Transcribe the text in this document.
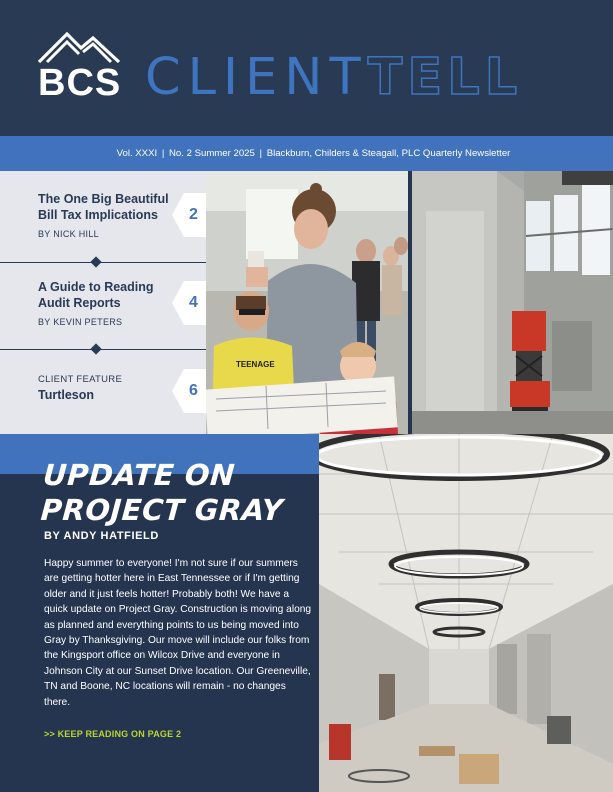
BCS CLIENTTELL
Vol. XXXI | No. 2 Summer 2025 | Blackburn, Childers & Steagall, PLC Quarterly Newsletter
The One Big Beautiful Bill Tax Implications
BY NICK HILL
2
A Guide to Reading Audit Reports
BY KEVIN PETERS
4
CLIENT FEATURE
Turtleson	6
TEENAGE
UPDATE ON PROJECT GRAY
BY ANDY HATFIELD
Happy summer to everyone! I'm not sure if our summers are getting hotter here in East Tennessee or if I'm getting older and it just feels hotter! Probably both! We have a quick update on Project Gray. Construction is moving along as planned and everything points to us being moved into Gray by Thanksgiving. Our move will include our folks from the Kingsport office on Wilcox Drive and everyone in Johnson City at our Sunset Drive location. Our Greeneville, TN and Boone, NC locations will remain - no changes there.
>> KEEP READING ON PAGE 2
